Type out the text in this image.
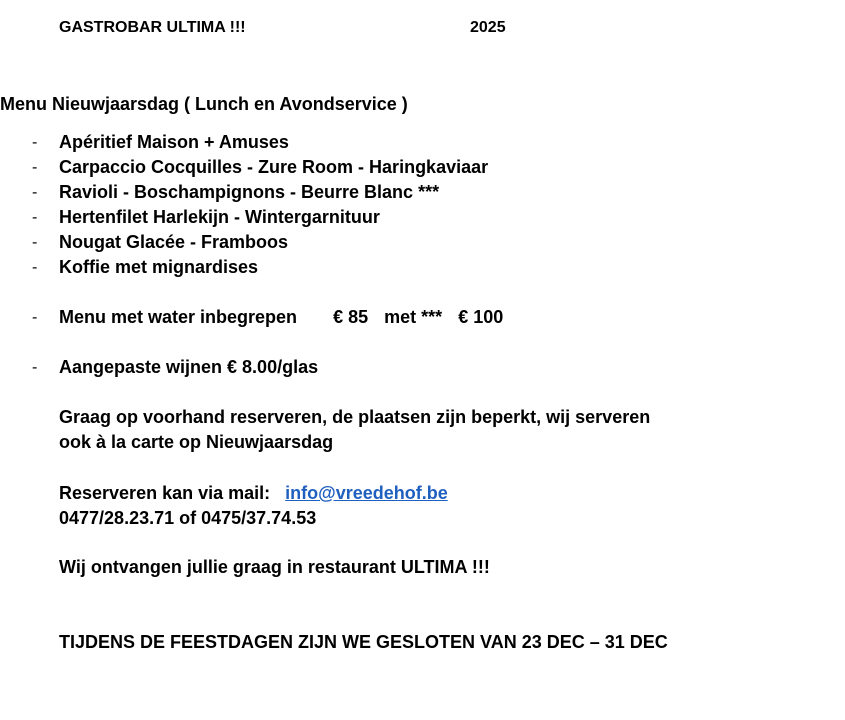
GASTROBAR ULTIMA !!!	2025
Menu Nieuwjaarsdag ( Lunch en Avondservice )
- Apéritief Maison + Amuses
- Carpaccio Cocquilles - Zure Room - Haringkaviaar
- Ravioli - Boschampignons - Beurre Blanc ***
- Hertenfilet Harlekijn - Wintergarnituur
- Nougat Glacée - Framboos
- Koffie met mignardises
- Menu met water inbegrepen € 85 met *** € 100
- Aangepaste wijnen € 8.00/glas
Graag op voorhand reserveren, de plaatsen zijn beperkt, wij serveren
ook à la carte op Nieuwjaarsdag
Reserveren kan via mail: info@vreedehof.be
0477/28.23.71 of 0475/37.74.53
Wij ontvangen jullie graag in restaurant ULTIMA !!!
TIJDENS DE FEESTDAGEN ZIJN WE GESLOTEN VAN 23 DEC – 31 DEC
